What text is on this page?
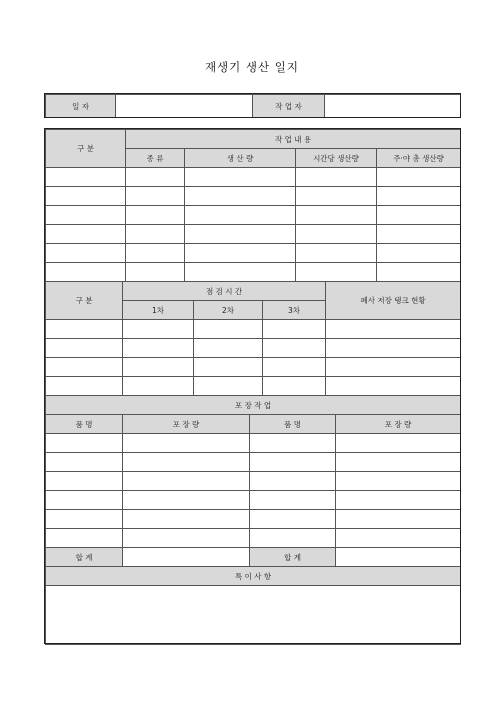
재생기 생산 일지
일 자		작 업 자	
구 분	작 업 내 용			
	종 류	생 산 량	시간당 생산량	주·야 총 생산량

구 분	점 검 시 간			폐사 저장 탱크 현황
	1차	2차	3차	

포 장 작 업			
품 명	포 장 량	품 명	포 장 량

합 계		합 계	
특 이 사 항			
